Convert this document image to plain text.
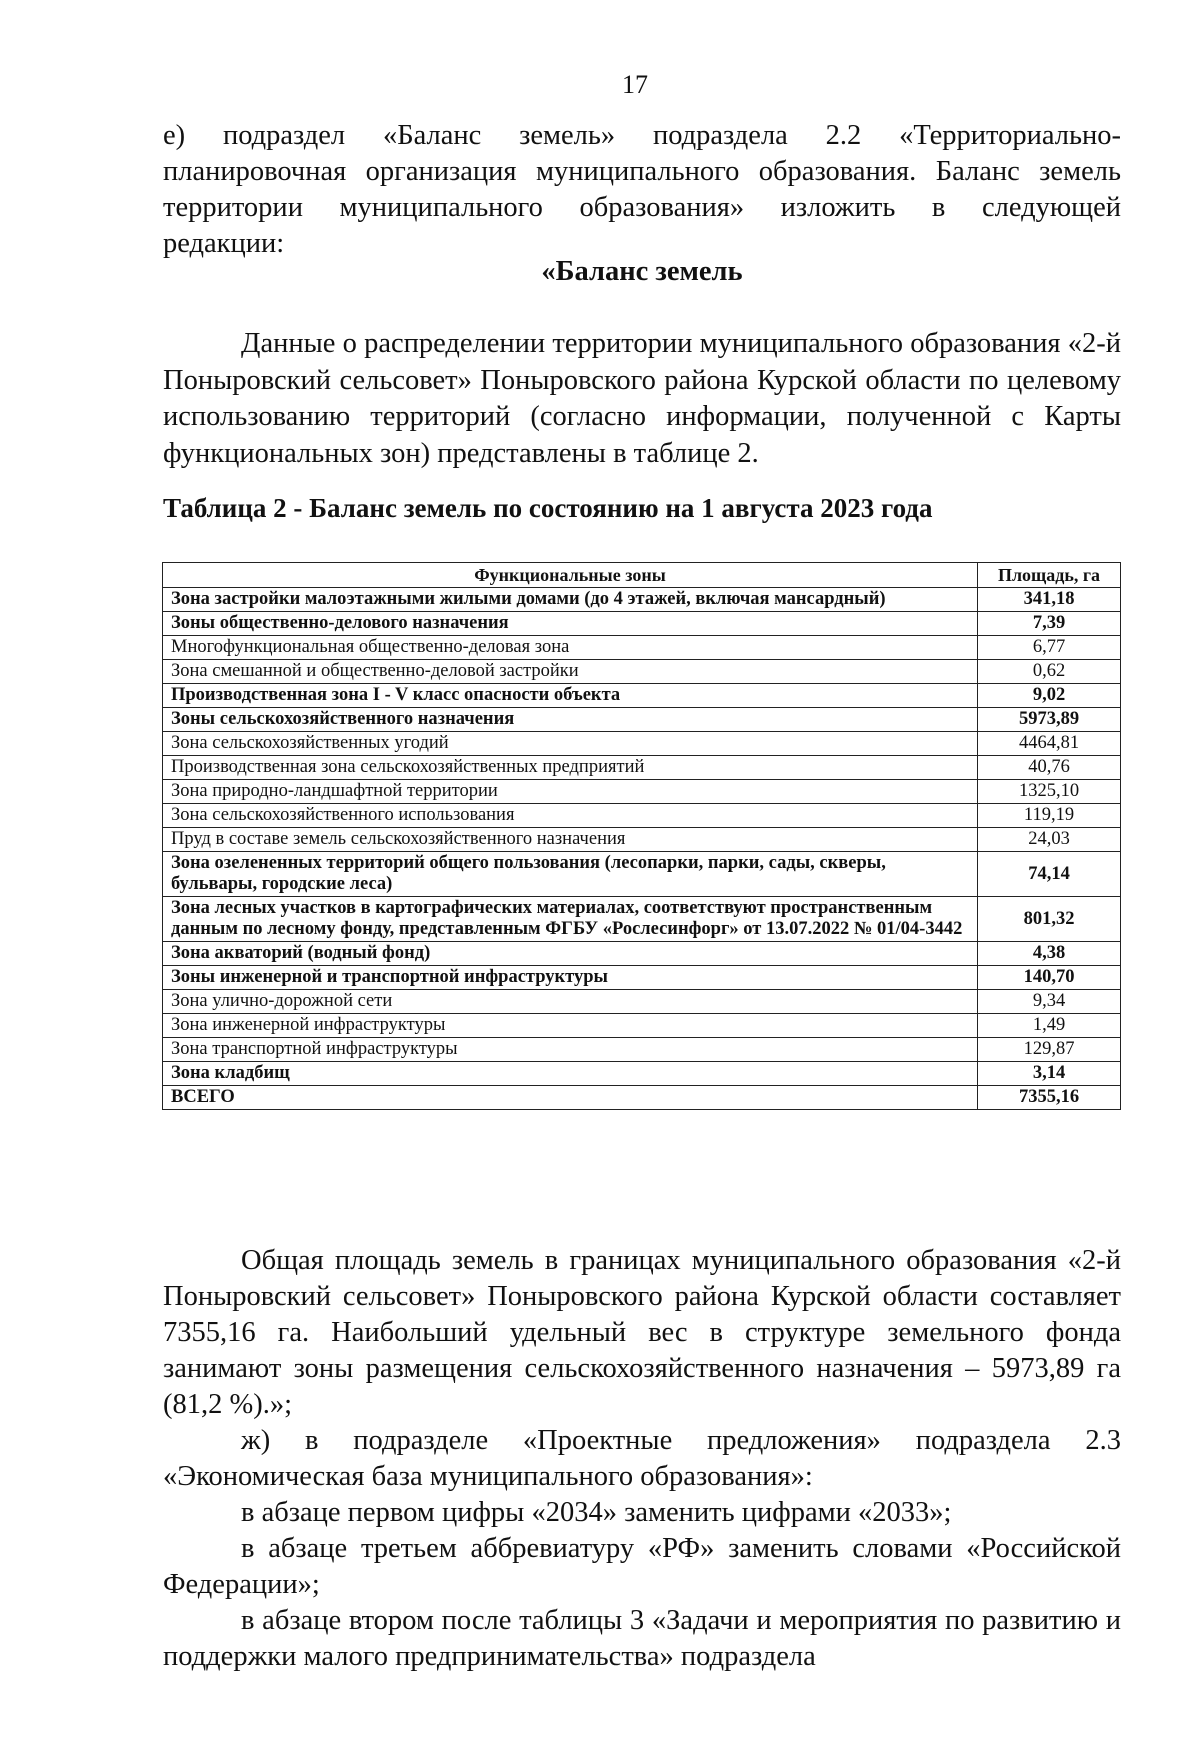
17

е) подраздел «Баланс земель» подраздела 2.2 «Территориально-

планировочная организация муниципального образования. Баланс земель

территории муниципального образования» изложить в следующей

редакции:

«Баланс земель

Данные о распределении территории муниципального образования «2-й Поныровский сельсовет» Поныровского района Курской области по целевому использованию территорий (согласно информации, полученной с Карты функциональных зон) представлены в таблице 2.

Таблица 2 - Баланс земель по состоянию на 1 августа 2023 года

Функциональные зоны	Площадь, га
Зона застройки малоэтажными жилыми домами (до 4 этажей, включая мансардный)	341,18
Зоны общественно-делового назначения	7,39
Многофункциональная общественно-деловая зона	6,77
Зона смешанной и общественно-деловой застройки	0,62
Производственная зона I - V класс опасности объекта	9,02
Зоны сельскохозяйственного назначения	5973,89
Зона сельскохозяйственных угодий	4464,81
Производственная зона сельскохозяйственных предприятий	40,76
Зона природно-ландшафтной территории	1325,10
Зона сельскохозяйственного использования	119,19
Пруд в составе земель сельскохозяйственного назначения	24,03
Зона озелененных территорий общего пользования (лесопарки, парки, сады, скверы, бульвары, городские леса)	74,14
Зона лесных участков в картографических материалах, соответствуют пространственным данным по лесному фонду, представленным ФГБУ «Рослесинфорг» от 13.07.2022 № 01/04-3442	801,32
Зона акваторий (водный фонд)	4,38
Зоны инженерной и транспортной инфраструктуры	140,70
Зона улично-дорожной сети	9,34
Зона инженерной инфраструктуры	1,49
Зона транспортной инфраструктуры	129,87
Зона кладбищ	3,14
ВСЕГО	7355,16

Общая площадь земель в границах муниципального образования «2-й Поныровский сельсовет» Поныровского района Курской области составляет 7355,16 га. Наибольший удельный вес в структуре земельного фонда занимают зоны размещения сельскохозяйственного назначения – 5973,89 га (81,2 %).»;

ж) в подразделе «Проектные предложения» подраздела 2.3 «Экономическая база муниципального образования»:

в абзаце первом цифры «2034» заменить цифрами «2033»;

в абзаце третьем аббревиатуру «РФ» заменить словами «Российской Федерации»;

в абзаце втором после таблицы 3 «Задачи и мероприятия по развитию и поддержки малого предпринимательства» подраздела
